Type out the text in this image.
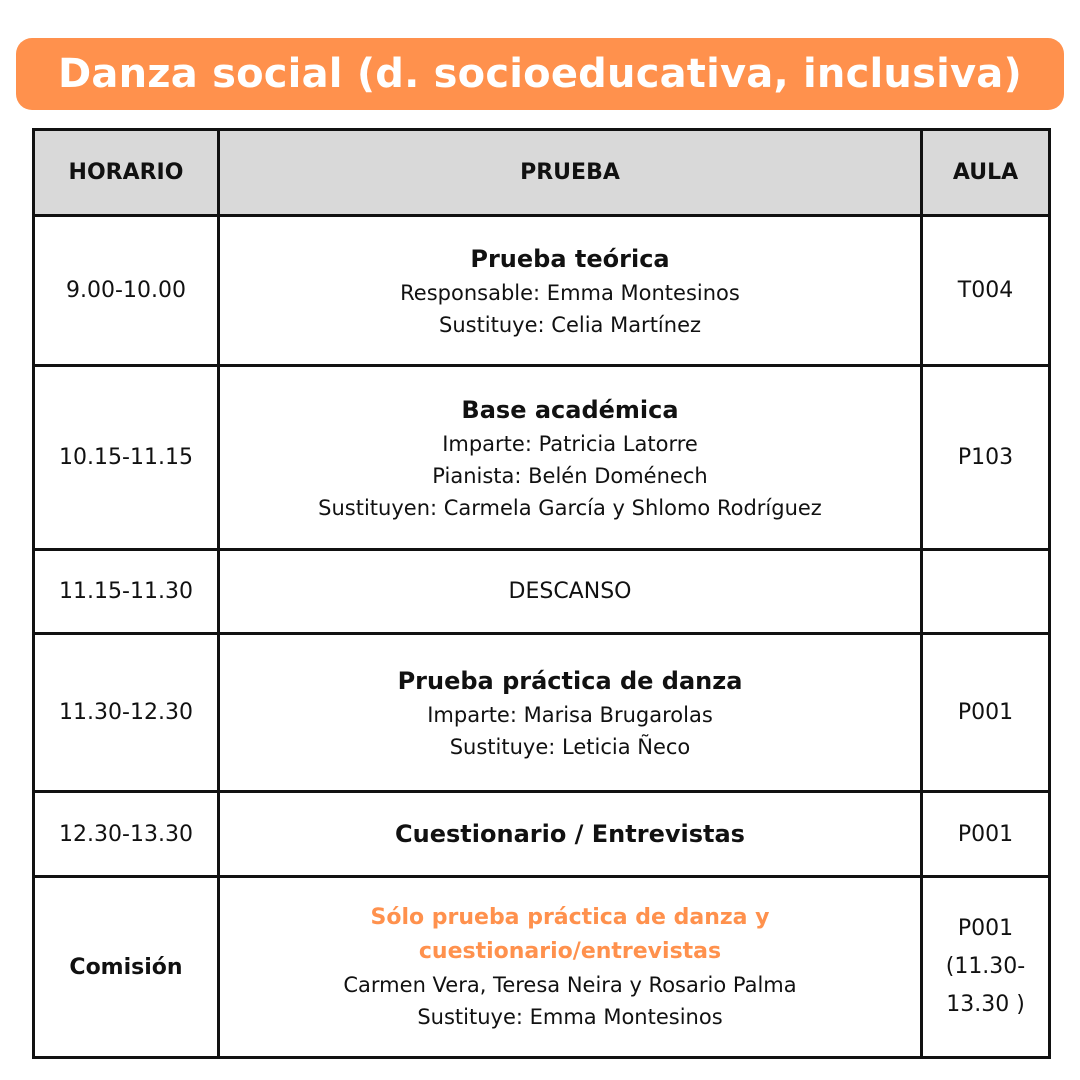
Danza social (d. socioeducativa, inclusiva)
HORARIO	PRUEBA	AULA
9.00-10.00	Prueba teórica
Responsable: Emma Montesinos
Sustituye: Celia Martínez	T004
10.15-11.15	Base académica
Imparte: Patricia Latorre
Pianista: Belén Doménech
Sustituyen: Carmela García y Shlomo Rodríguez	P103
11.15-11.30	DESCANSO	
11.30-12.30	Prueba práctica de danza
Imparte: Marisa Brugarolas
Sustituye: Leticia Ñeco	P001
12.30-13.30	Cuestionario / Entrevistas	P001
Comisión	Sólo prueba práctica de danza y
cuestionario/entrevistas
Carmen Vera, Teresa Neira y Rosario Palma
Sustituye: Emma Montesinos	P001
(11.30-
13.30 )
